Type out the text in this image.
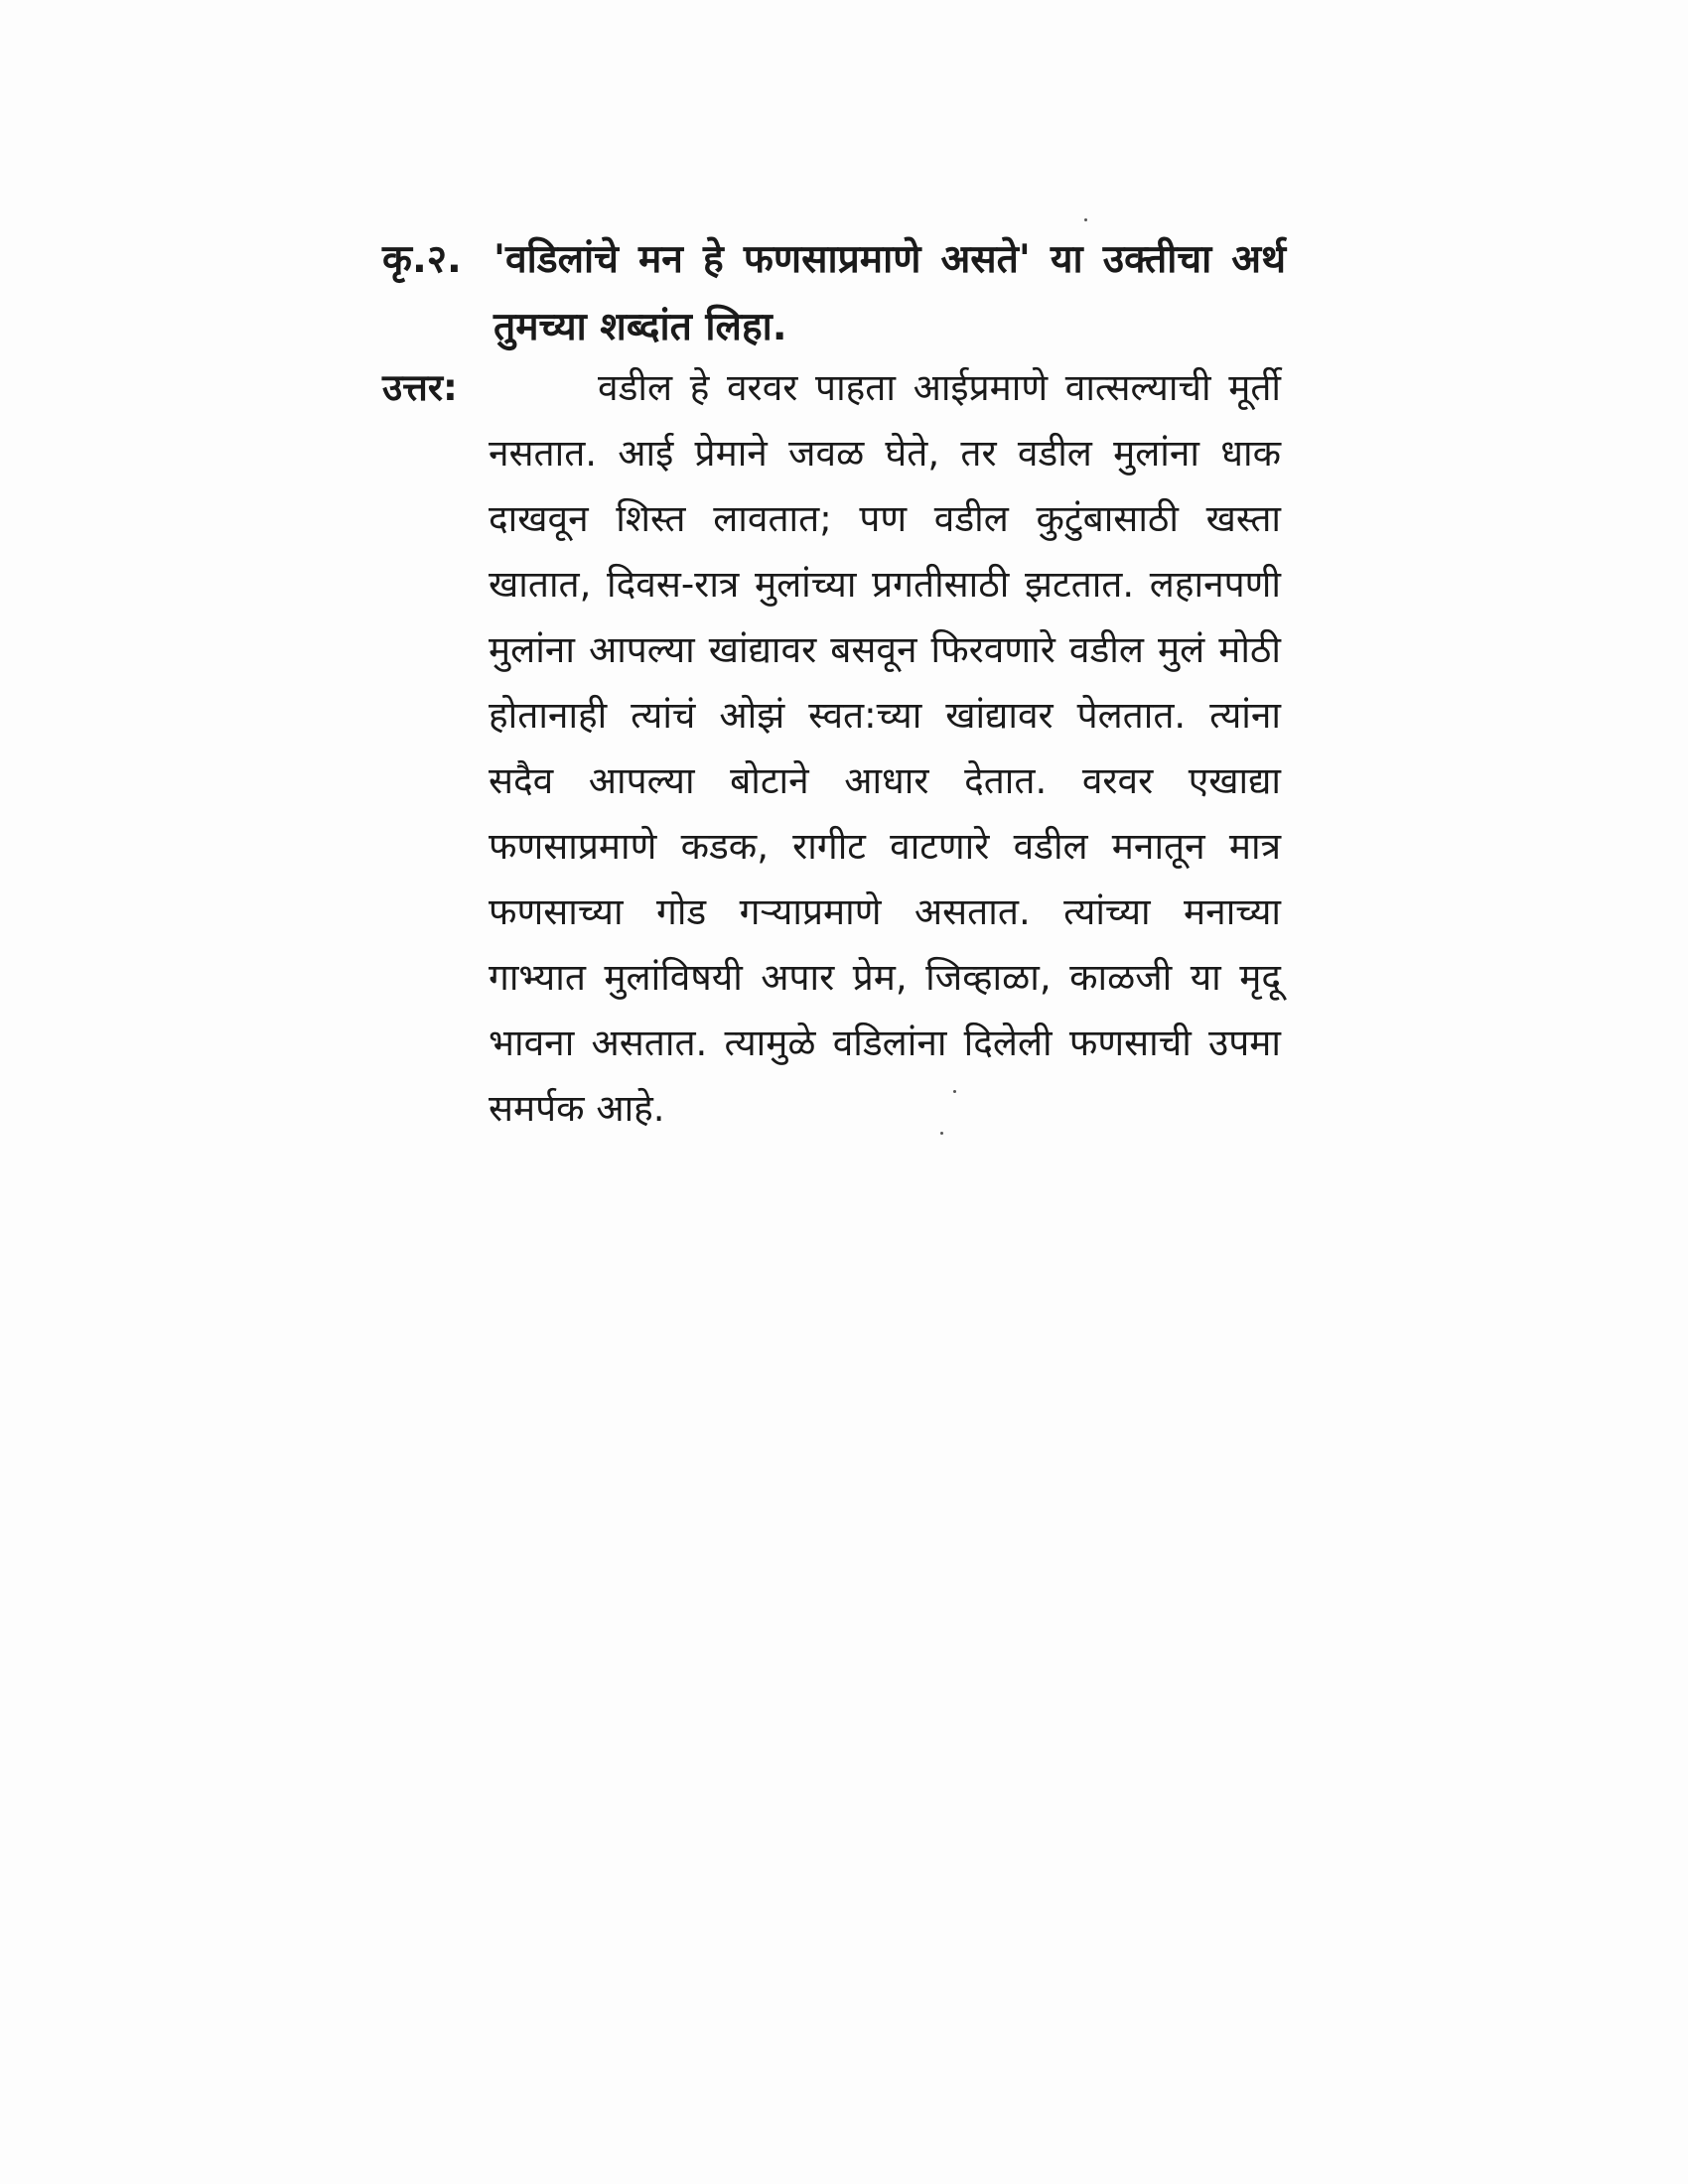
कृ.२. 'वडिलांचे मन हे फणसाप्रमाणे असते' या उक्तीचा अर्थ तुमच्या शब्दांत लिहा.
उत्तर:	वडील हे वरवर पाहता आईप्रमाणे वात्सल्याची मूर्ती नसतात. आई प्रेमाने जवळ घेते, तर वडील मुलांना धाक दाखवून शिस्त लावतात; पण वडील कुटुंबासाठी खस्ता खातात, दिवस-रात्र मुलांच्या प्रगतीसाठी झटतात. लहानपणी मुलांना आपल्या खांद्यावर बसवून फिरवणारे वडील मुलं मोठी होतानाही त्यांचं ओझं स्वत:च्या खांद्यावर पेलतात. त्यांना सदैव आपल्या बोटाने आधार देतात. वरवर एखाद्या फणसाप्रमाणे कडक, रागीट वाटणारे वडील मनातून मात्र फणसाच्या गोड गऱ्याप्रमाणे असतात. त्यांच्या मनाच्या गाभ्यात मुलांविषयी अपार प्रेम, जिव्हाळा, काळजी या मृदू भावना असतात. त्यामुळे वडिलांना दिलेली फणसाची उपमा समर्पक आहे.
